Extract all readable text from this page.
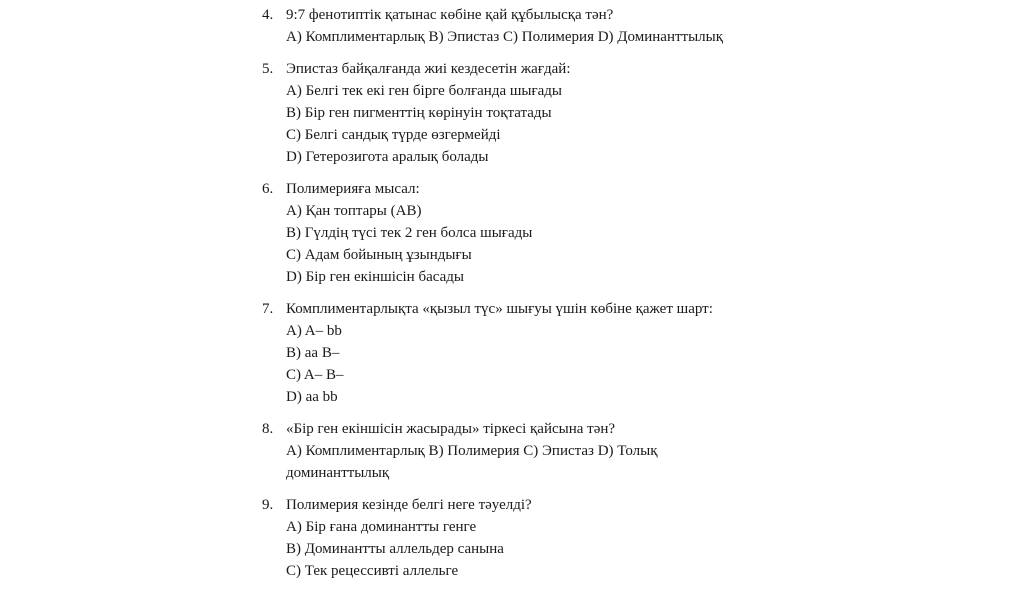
4. 9:7 фенотиптік қатынас көбіне қай құбылысқа тән?
A) Комплиментарлық B) Эпистаз C) Полимерия D) Доминанттылық
5. Эпистаз байқалғанда жиі кездесетін жағдай:
A) Белгі тек екі ген бірге болғанда шығады
B) Бір ген пигменттің көрінуін тоқтатады
C) Белгі сандық түрде өзгермейді
D) Гетерозигота аралық болады
6. Полимерияға мысал:
A) Қан топтары (AB)
B) Гүлдің түсі тек 2 ген болса шығады
C) Адам бойының ұзындығы
D) Бір ген екіншісін басады
7. Комплиментарлықта «қызыл түс» шығуы үшін көбіне қажет шарт:
A) A– bb
B) aa B–
C) A– B–
D) aa bb
8. «Бір ген екіншісін жасырады» тіркесі қайсына тән?
A) Комплиментарлық B) Полимерия C) Эпистаз D) Толық
доминанттылық
9. Полимерия кезінде белгі неге тәуелді?
A) Бір ғана доминантты генге
B) Доминантты аллельдер санына
C) Тек рецессивті аллельге
